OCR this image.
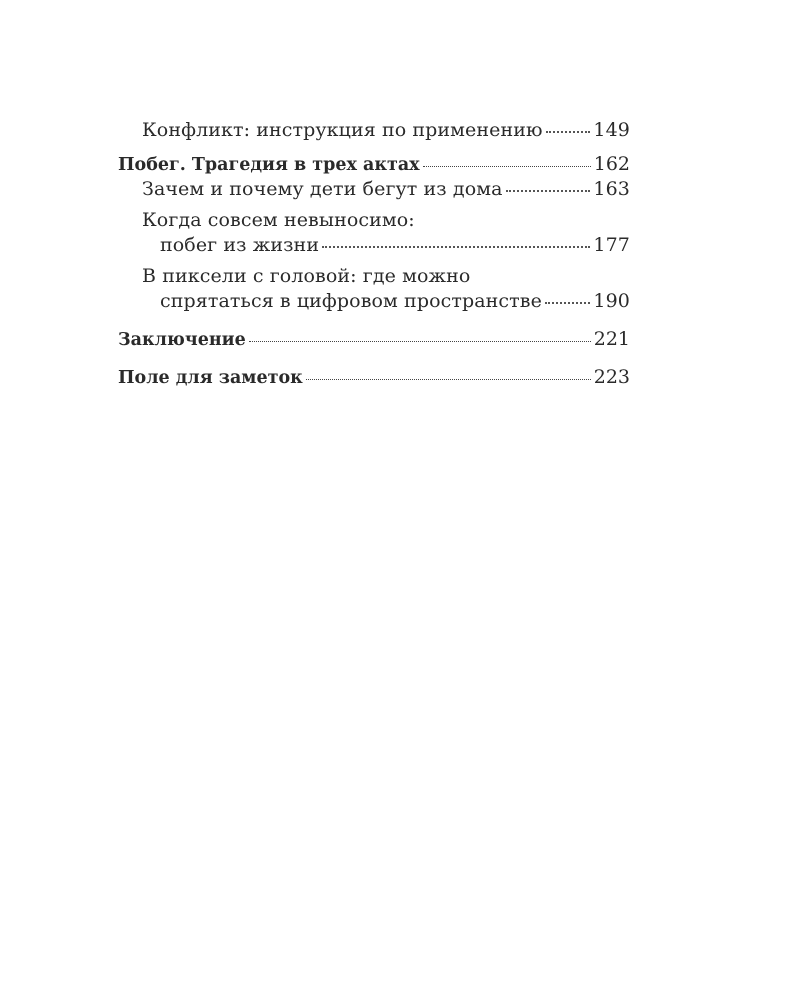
Конфликт: инструкция по применению	149
Побег. Трагедия в трех актах	162
Зачем и почему дети бегут из дома	163
Когда совсем невыносимо:
побег из жизни	177
В пиксели с головой: где можно
спрятаться в цифровом пространстве	190
Заключение	221
Поле для заметок	223
